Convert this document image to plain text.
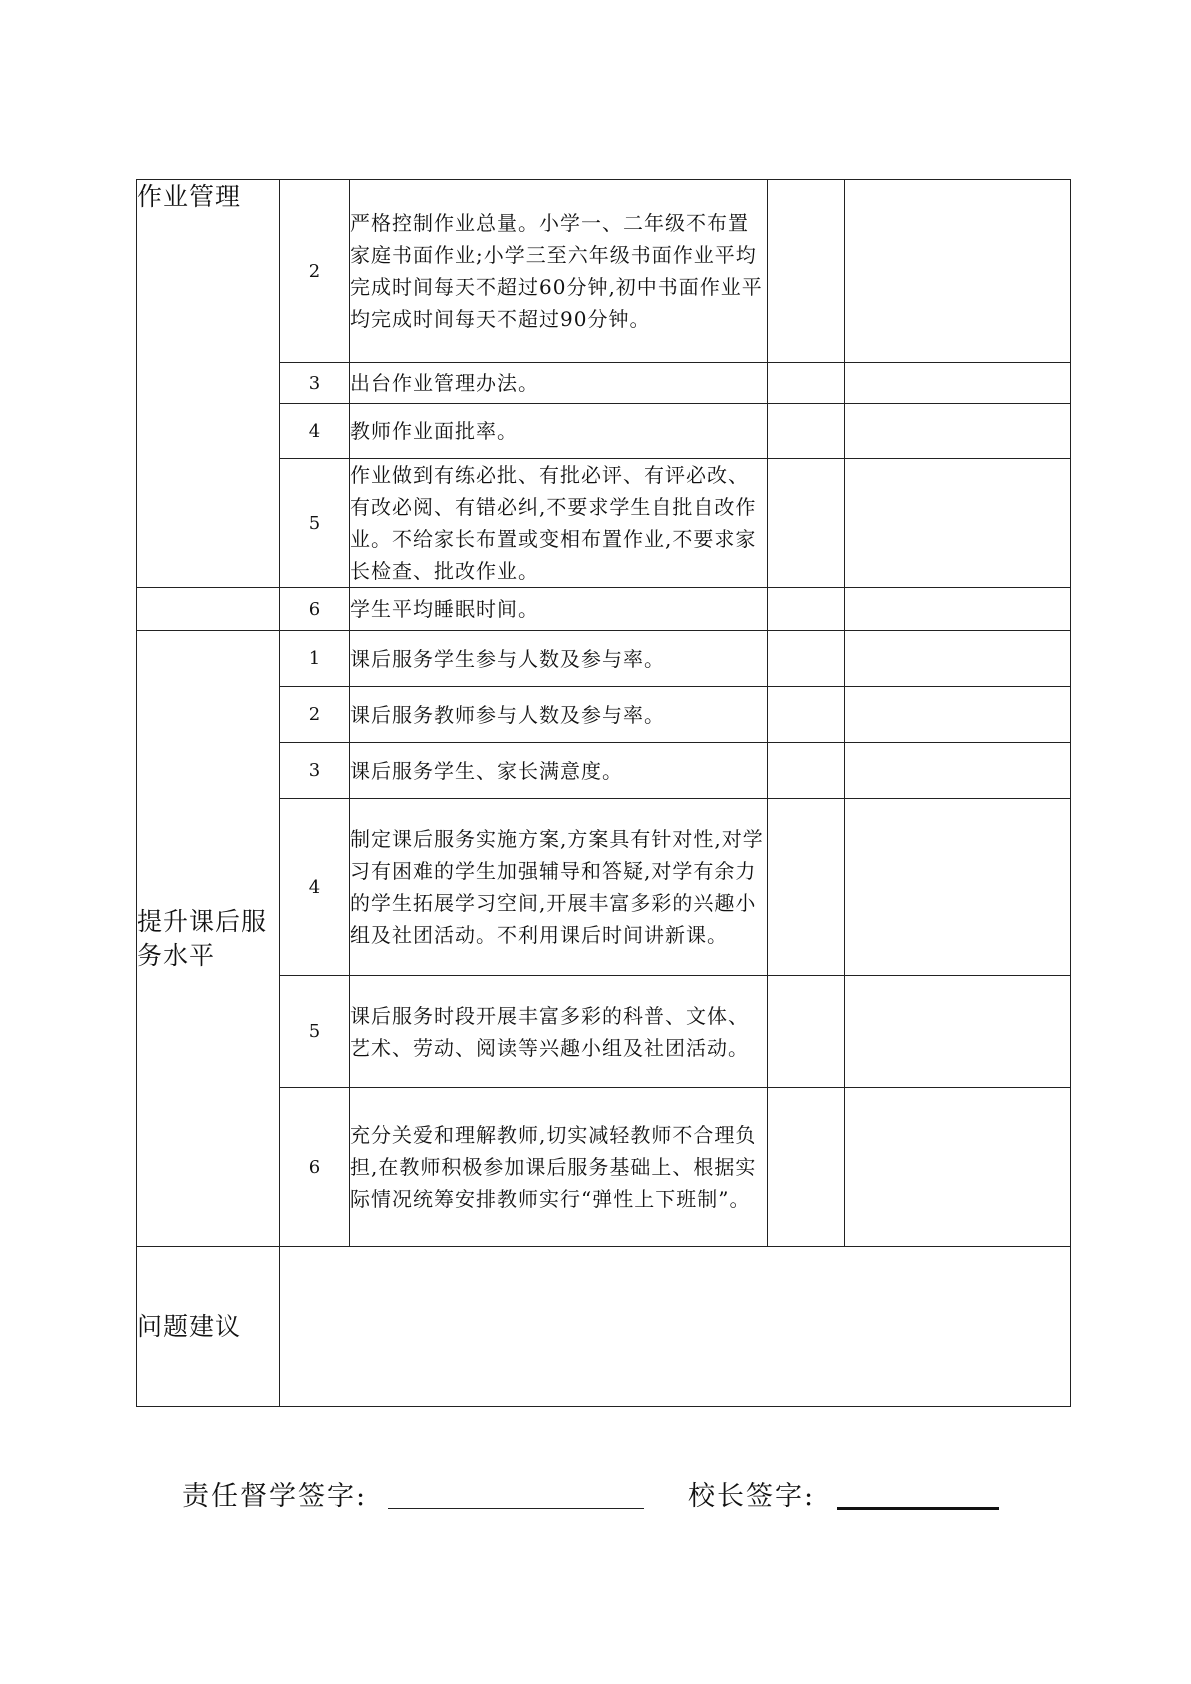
作业管理	2	严格控制作业总量。小学一、二年级不布置家庭书面作业;小学三至六年级书面作业平均完成时间每天不超过60分钟,初中书面作业平均完成时间每天不超过90分钟。		
	3	出台作业管理办法。		
	4	教师作业面批率。		
	5	作业做到有练必批、有批必评、有评必改、有改必阅、有错必纠,不要求学生自批自改作业。不给家长布置或变相布置作业,不要求家长检查、批改作业。		
	6	学生平均睡眠时间。		
提升课后服务水平	1	课后服务学生参与人数及参与率。		
	2	课后服务教师参与人数及参与率。		
	3	课后服务学生、家长满意度。		
	4	制定课后服务实施方案,方案具有针对性,对学习有困难的学生加强辅导和答疑,对学有余力的学生拓展学习空间,开展丰富多彩的兴趣小组及社团活动。不利用课后时间讲新课。		
	5	课后服务时段开展丰富多彩的科普、文体、艺术、劳动、阅读等兴趣小组及社团活动。		
	6	充分关爱和理解教师,切实减轻教师不合理负担,在教师积极参加课后服务基础上、根据实际情况统筹安排教师实行“弹性上下班制”。		
问题建议				
责任督学签字:	校长签字:
